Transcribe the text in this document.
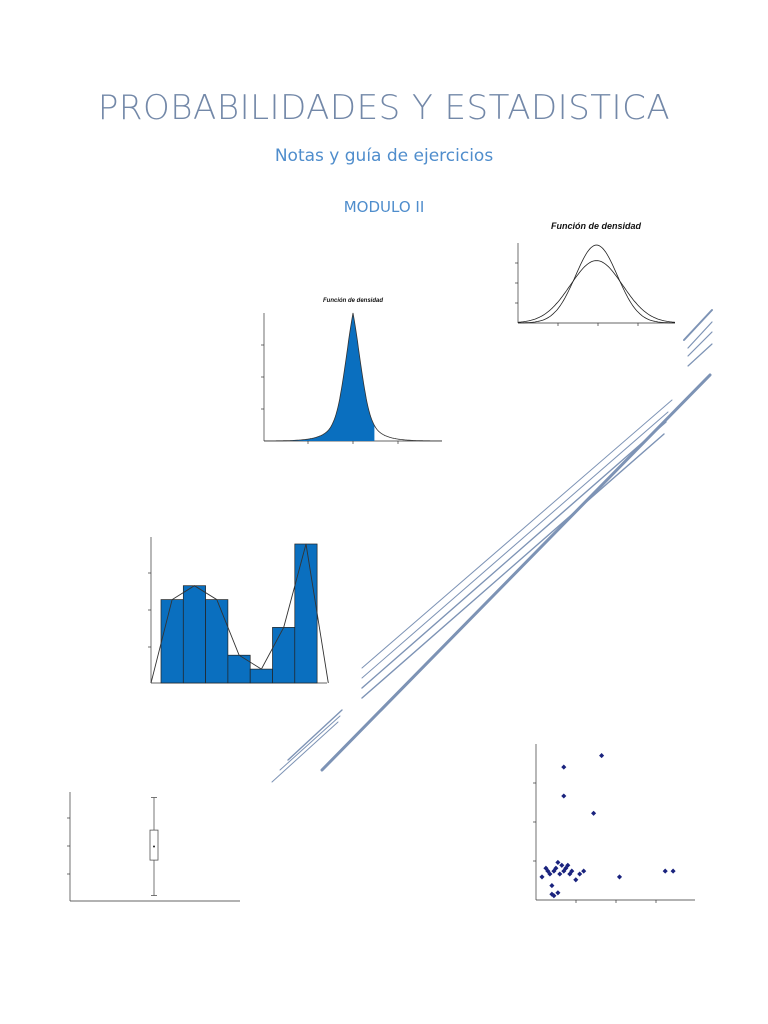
PROBABILIDADES Y ESTADISTICA
Notas y guía de ejercicios
MODULO II
Función de densidad
Función de densidad
